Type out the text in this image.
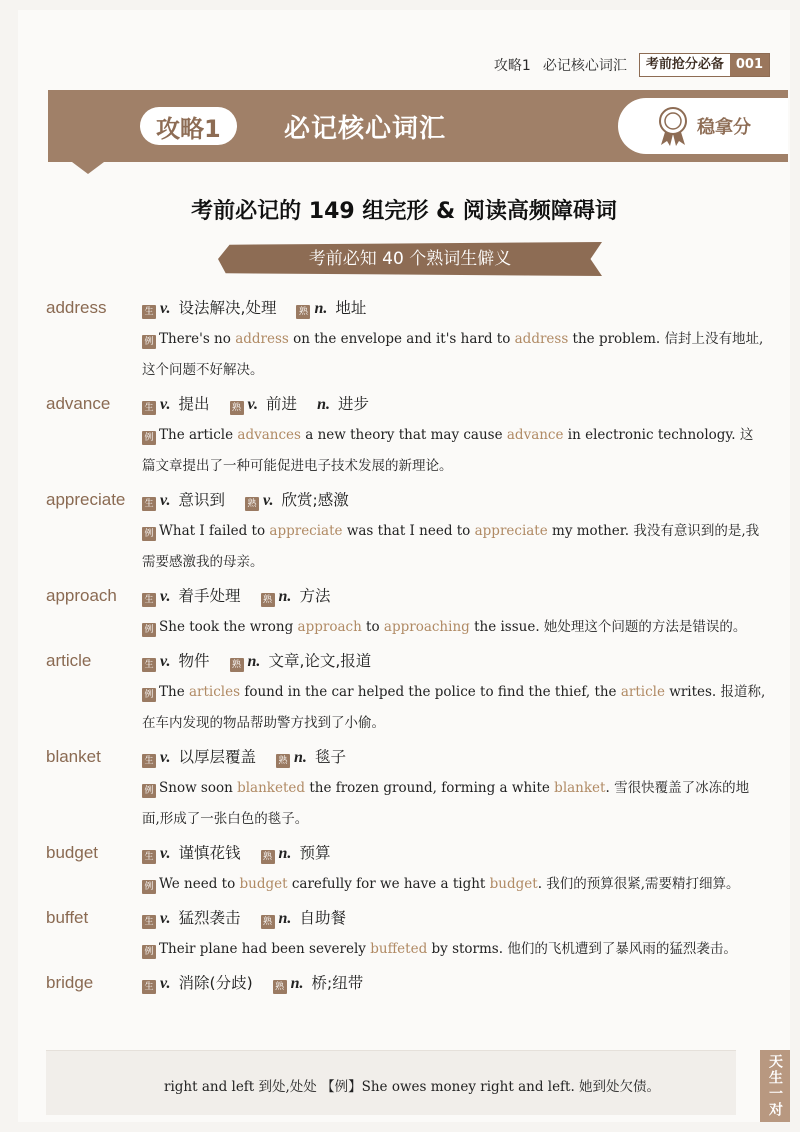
攻略1 必记核心词汇	考前抢分必备 001
攻略1	必记核心词汇	稳拿分
考前必记的 149 组完形 & 阅读高频障碍词
考前必知 40 个熟词生僻义
address	生 v. 设法解决,处理 熟 n. 地址
例 There's no address on the envelope and it's hard to address the problem. 信封上没有地址,这个问题不好解决。
advance	生 v. 提出 熟 v. 前进 n. 进步
例 The article advances a new theory that may cause advance in electronic technology. 这篇文章提出了一种可能促进电子技术发展的新理论。
appreciate	生 v. 意识到 熟 v. 欣赏;感激
例 What I failed to appreciate was that I need to appreciate my mother. 我没有意识到的是,我需要感激我的母亲。
approach	生 v. 着手处理 熟 n. 方法
例 She took the wrong approach to approaching the issue. 她处理这个问题的方法是错误的。
article	生 v. 物件 熟 n. 文章,论文,报道
例 The articles found in the car helped the police to find the thief, the article writes. 报道称,在车内发现的物品帮助警方找到了小偷。
blanket	生 v. 以厚层覆盖 熟 n. 毯子
例 Snow soon blanketed the frozen ground, forming a white blanket. 雪很快覆盖了冰冻的地面,形成了一张白色的毯子。
budget	生 v. 谨慎花钱 熟 n. 预算
例 We need to budget carefully for we have a tight budget. 我们的预算很紧,需要精打细算。
buffet	生 v. 猛烈袭击 熟 n. 自助餐
例 Their plane had been severely buffeted by storms. 他们的飞机遭到了暴风雨的猛烈袭击。
bridge	生 v. 消除(分歧) 熟 n. 桥;纽带
right and left 到处,处处 【例】She owes money right and left. 她到处欠债。	天生一对
